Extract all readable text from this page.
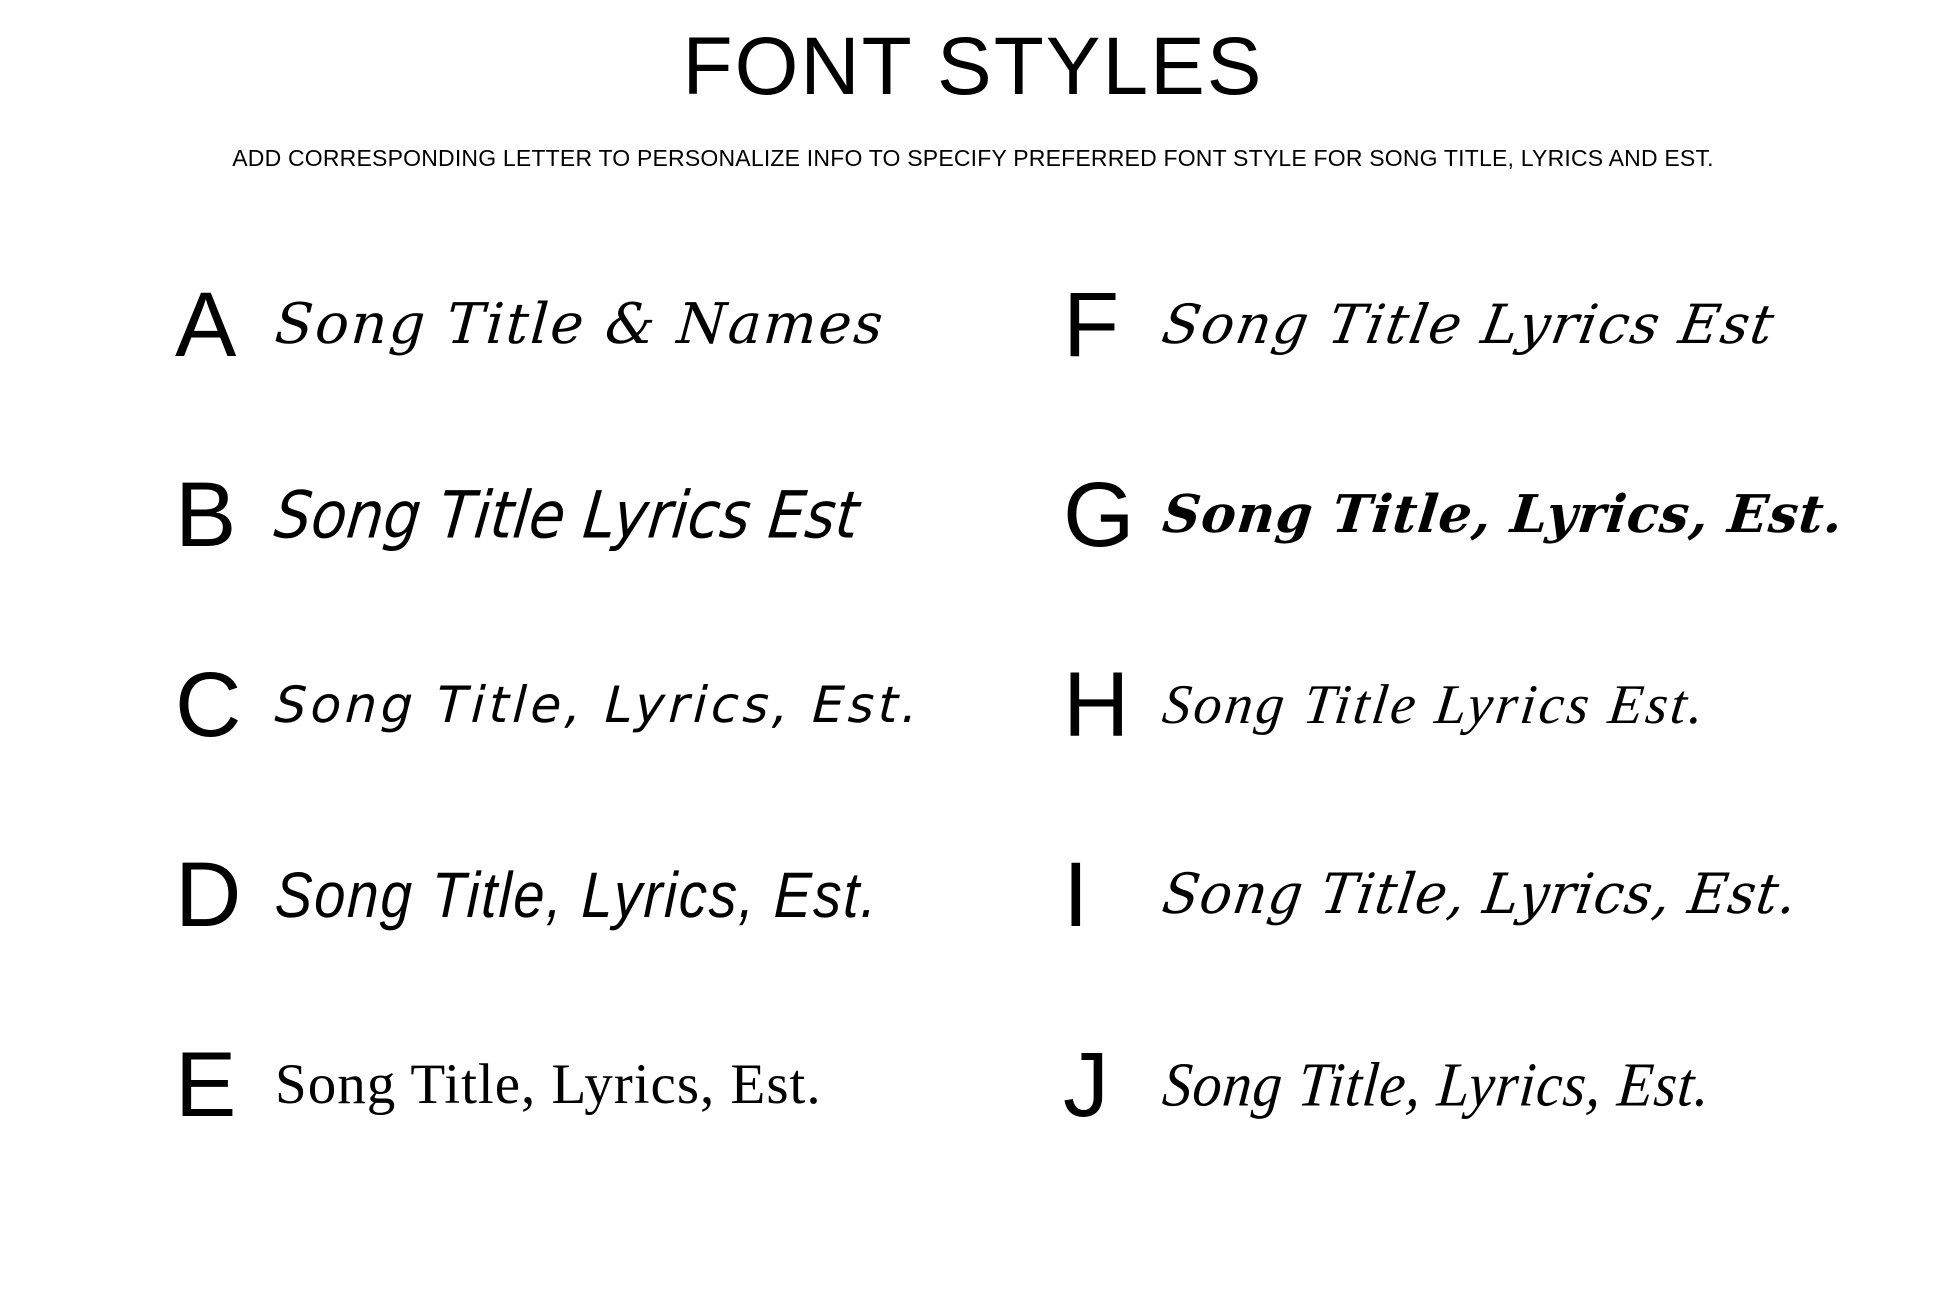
FONT STYLES

ADD CORRESPONDING LETTER TO PERSONALIZE INFO TO SPECIFY PREFERRED FONT STYLE FOR SONG TITLE, LYRICS AND EST.

A Song Title & Names
B Song Title Lyrics Est
C Song Title, Lyrics, Est.
D Song Title, Lyrics, Est.
E Song Title, Lyrics, Est.
F Song Title Lyrics Est
G Song Title, Lyrics, Est.
H Song Title Lyrics Est.
I	Song Title, Lyrics, Est.
J Song Title, Lyrics, Est.
